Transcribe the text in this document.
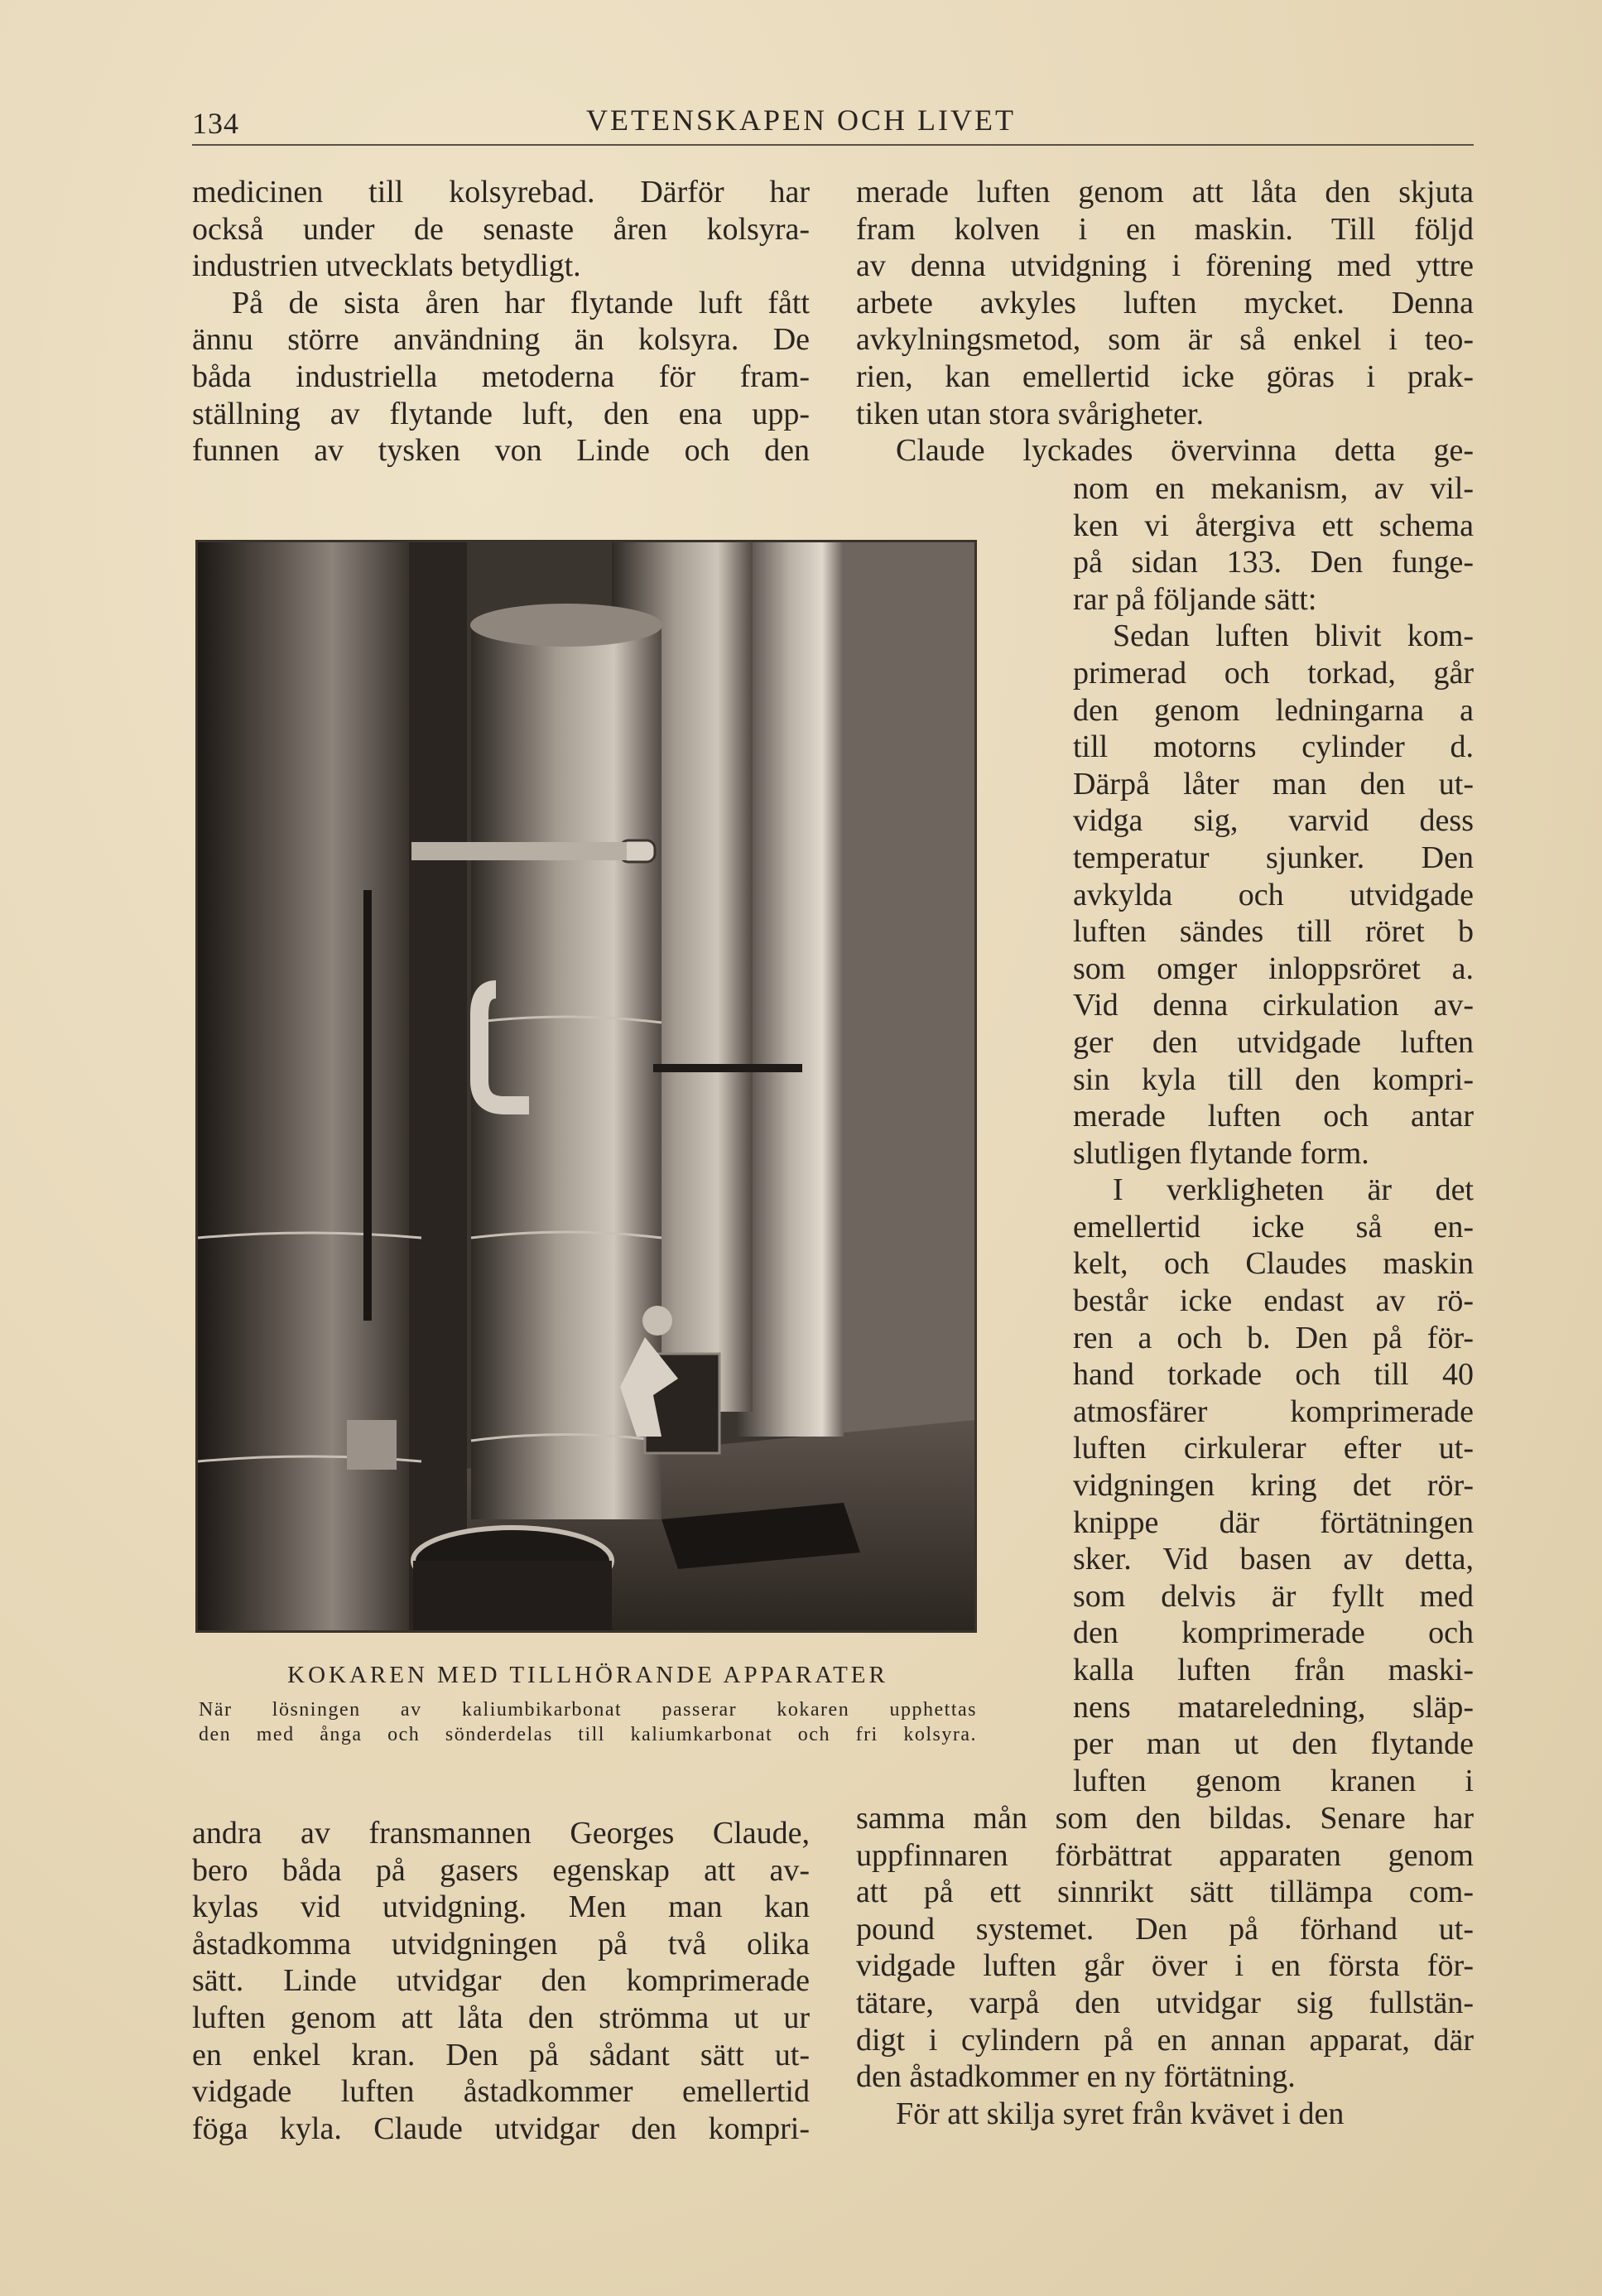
134	VETENSKAPEN OCH LIVET
medicinen till kolsyrebad. Därför har
också under de senaste åren kolsyra-
industrien utvecklats betydligt.
På de sista åren har flytande luft fått
ännu större användning än kolsyra. De
båda industriella metoderna för fram-
ställning av flytande luft, den ena upp-
funnen av tysken von Linde och den
KOKAREN MED TILLHÖRANDE APPARATER
När lösningen av kaliumbikarbonat passerar kokaren upphettas
den med ånga och sönderdelas till kaliumkarbonat och fri kolsyra.
andra av fransmannen Georges Claude,
bero båda på gasers egenskap att av-
kylas vid utvidgning. Men man kan
åstadkomma utvidgningen på två olika
sätt. Linde utvidgar den komprimerade
luften genom att låta den strömma ut ur
en enkel kran. Den på sådant sätt ut-
vidgade luften åstadkommer emellertid
föga kyla. Claude utvidgar den kompri-
merade luften genom att låta den skjuta
fram kolven i en maskin. Till följd
av denna utvidgning i förening med yttre
arbete avkyles luften mycket. Denna
avkylningsmetod, som är så enkel i teo-
rien, kan emellertid icke göras i prak-
tiken utan stora svårigheter.
Claude lyckades övervinna detta ge-
nom en mekanism, av vil-
ken vi återgiva ett schema
på sidan 133. Den funge-
rar på följande sätt:
Sedan luften blivit kom-
primerad och torkad, går
den genom ledningarna a
till motorns cylinder d.
Därpå låter man den ut-
vidga sig, varvid dess
temperatur sjunker. Den
avkylda och utvidgade
luften sändes till röret b
som omger inloppsröret a.
Vid denna cirkulation av-
ger den utvidgade luften
sin kyla till den kompri-
merade luften och antar
slutligen flytande form.
I verkligheten är det
emellertid icke så en-
kelt, och Claudes maskin
består icke endast av rö-
ren a och b. Den på för-
hand torkade och till 40
atmosfärer komprimerade
luften cirkulerar efter ut-
vidgningen kring det rör-
knippe där förtätningen
sker. Vid basen av detta,
som delvis är fyllt med
den komprimerade och
kalla luften från maski-
nens matareledning, släp-
per man ut den flytande
luften genom kranen i
samma mån som den bildas. Senare har
uppfinnaren förbättrat apparaten genom
att på ett sinnrikt sätt tillämpa com-
pound systemet. Den på förhand ut-
vidgade luften går över i en första för-
tätare, varpå den utvidgar sig fullstän-
digt i cylindern på en annan apparat, där
den åstadkommer en ny förtätning.
För att skilja syret från kvävet i den
